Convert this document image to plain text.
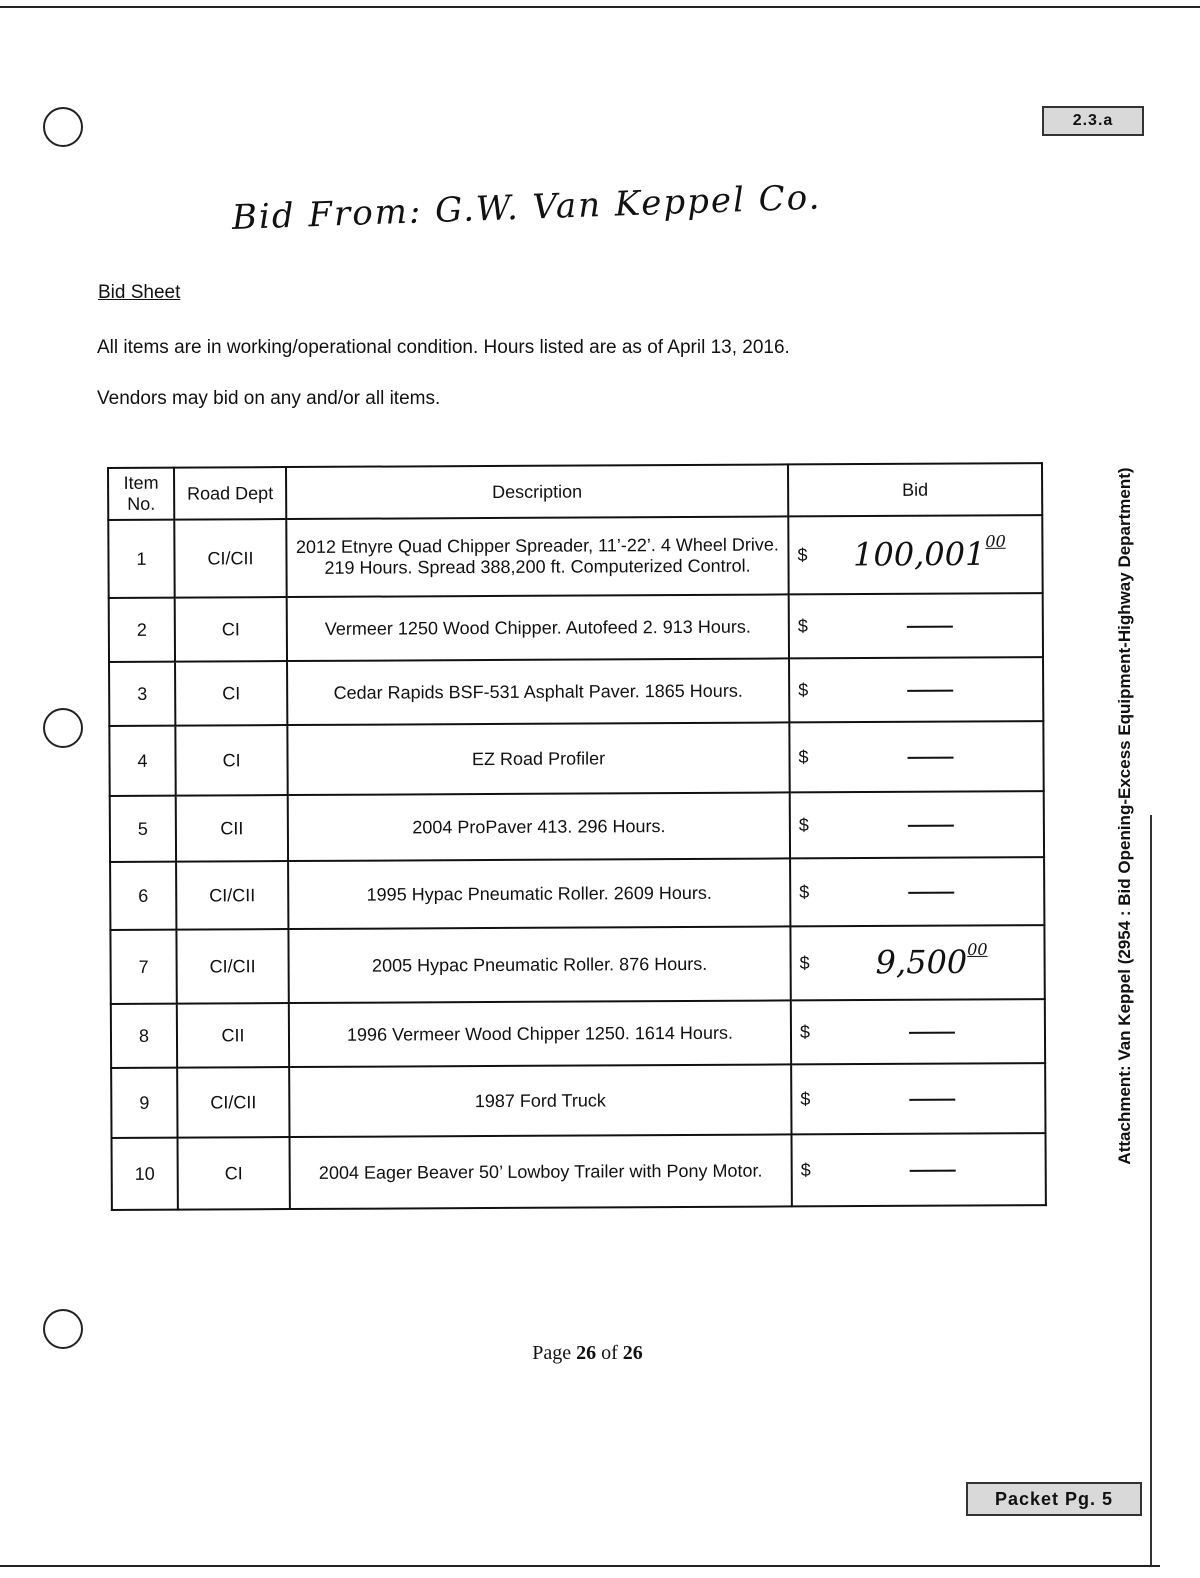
2.3.a
Bid From: G.W. Van Keppel Co.
Bid Sheet
All items are in working/operational condition. Hours listed are as of April 13, 2016.
Vendors may bid on any and/or all items.
Item No.	Road Dept	Description	Bid
1	CI/CII	2012 Etnyre Quad Chipper Spreader, 11’-22’. 4 Wheel Drive. 219 Hours. Spread 388,200 ft. Computerized Control.	$ 100,001$^{00}$

2	CI	Vermeer 1250 Wood Chipper. Autofeed 2. 913 Hours.	$

3	CI	Cedar Rapids BSF-531 Asphalt Paver. 1865 Hours.	$

4	CI	EZ Road Profiler	$

5	CII	2004 ProPaver 413. 296 Hours.	$

6	CI/CII	1995 Hypac Pneumatic Roller. 2609 Hours.	$

7	CI/CII	2005 Hypac Pneumatic Roller. 876 Hours.	$ 9,500$^{00}$

8	CII	1996 Vermeer Wood Chipper 1250. 1614 Hours.	$

9	CI/CII	1987 Ford Truck	$

10	CI	2004 Eager Beaver 50’ Lowboy Trailer with Pony Motor.	$
Attachment: Van Keppel (2954 : Bid Opening-Excess Equipment-Highway Department)
Page 26 of 26
Packet Pg. 5
